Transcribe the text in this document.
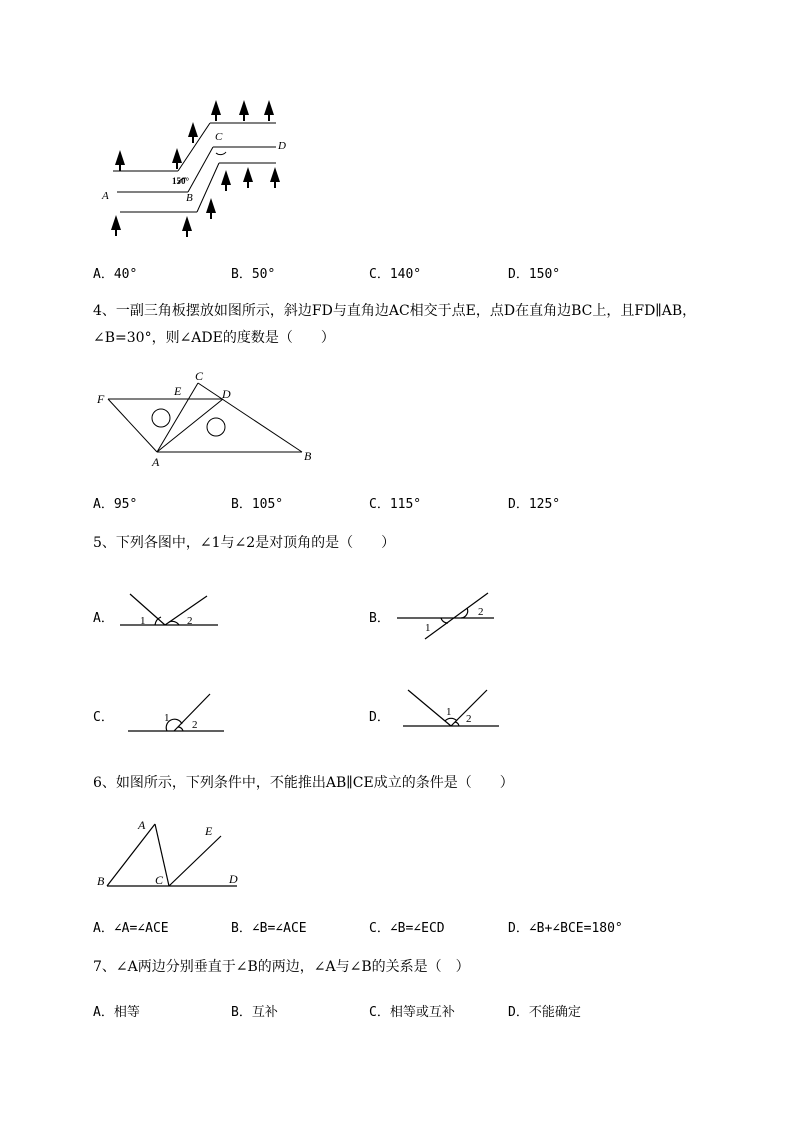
A	B
C
D
150°
A．40°	B．50°	C．140°	D．150°
4、一副三角板摆放如图所示，斜边FD与直角边AC相交于点E，点D在直角边BC上，且FD∥AB，
∠B=30°，则∠ADE的度数是（　　）
F
E
C
D
A	B
A．95°	B．105°	C．115°	D．125°
5、下列各图中，∠1与∠2是对顶角的是（　　）
A． 1	2	B．
1
2
C．	1
2	D．	1
2
6、如图所示，下列条件中，不能推出AB∥CE成立的条件是（　　）
A
B	C	D
E
A．∠A=∠ACE	B．∠B=∠ACE	C．∠B=∠ECD	D．∠B+∠BCE=180°
7、∠A两边分别垂直于∠B的两边，∠A与∠B的关系是（　）
A．相等	B．互补	C．相等或互补	D．不能确定
